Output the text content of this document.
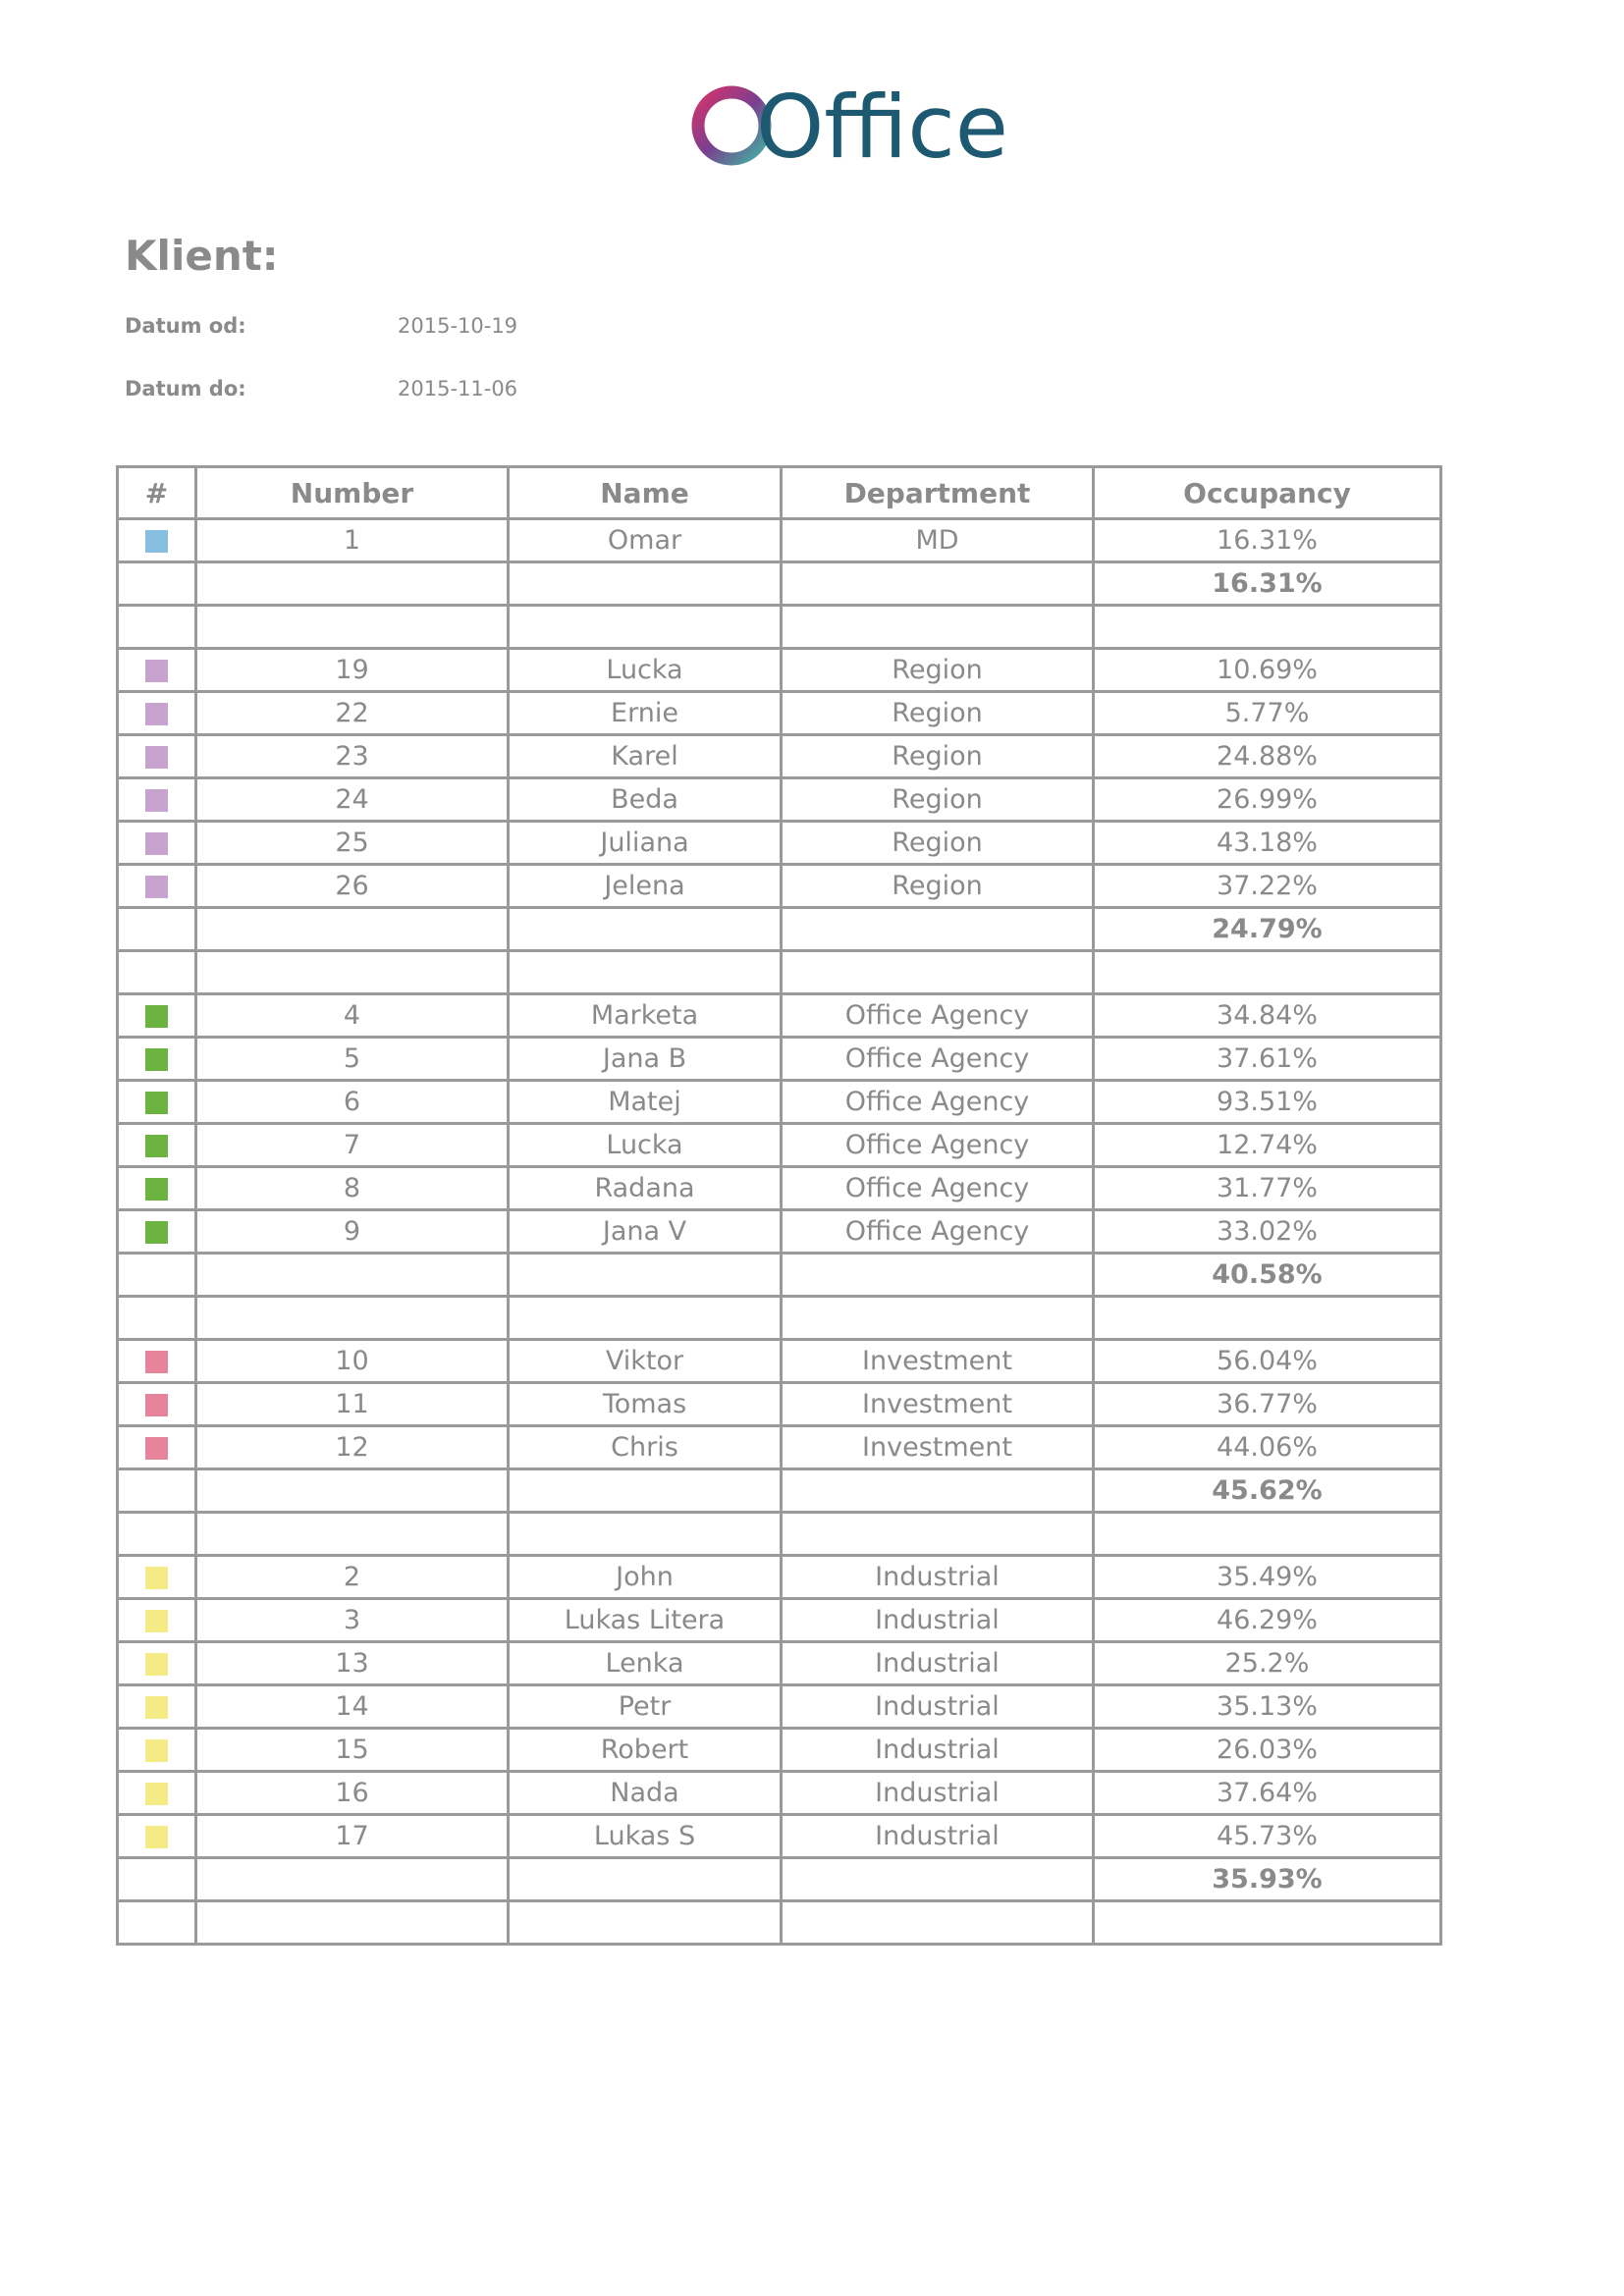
Office
Klient:
Datum od:	2015-10-19
Datum do:	2015-11-06
#	Number	Name	Department	Occupancy
	1	Omar	MD	16.31%
				16.31%

	19	Lucka	Region	10.69%
	22	Ernie	Region	5.77%
	23	Karel	Region	24.88%
	24	Beda	Region	26.99%
	25	Juliana	Region	43.18%
	26	Jelena	Region	37.22%
				24.79%

	4	Marketa	Office Agency	34.84%
	5	Jana B	Office Agency	37.61%
	6	Matej	Office Agency	93.51%
	7	Lucka	Office Agency	12.74%
	8	Radana	Office Agency	31.77%
	9	Jana V	Office Agency	33.02%
				40.58%

	10	Viktor	Investment	56.04%
	11	Tomas	Investment	36.77%
	12	Chris	Investment	44.06%
				45.62%

	2	John	Industrial	35.49%
	3	Lukas Litera	Industrial	46.29%
	13	Lenka	Industrial	25.2%
	14	Petr	Industrial	35.13%
	15	Robert	Industrial	26.03%
	16	Nada	Industrial	37.64%
	17	Lukas S	Industrial	45.73%
				35.93%
